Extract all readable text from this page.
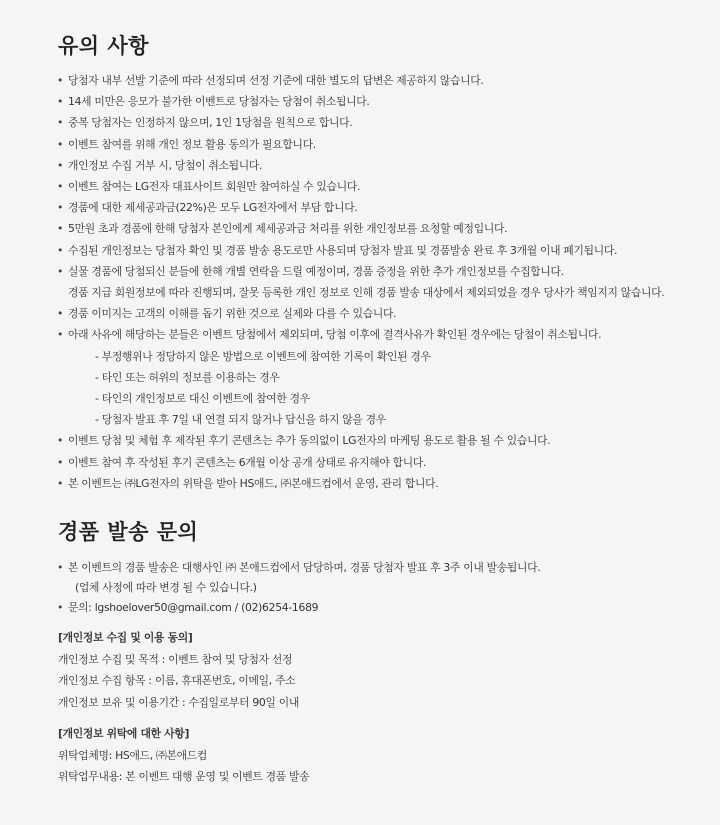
유의 사항
• 당첨자 내부 선발 기준에 따라 선정되며 선정 기준에 대한 별도의 답변은 제공하지 않습니다.
• 14세 미만은 응모가 불가한 이벤트로 당첨자는 당첨이 취소됩니다.
• 중복 당첨자는 인정하지 않으며, 1인 1당첨을 원칙으로 합니다.
• 이벤트 참여를 위해 개인 정보 활용 동의가 필요합니다.
• 개인정보 수집 거부 시, 당첨이 취소됩니다.
• 이벤트 참여는 LG전자 대표사이트 회원만 참여하실 수 있습니다.
• 경품에 대한 제세공과금(22%)은 모두 LG전자에서 부담 합니다.
• 5만원 초과 경품에 한해 당첨자 본인에게 제세공과금 처리를 위한 개인정보를 요청할 예정입니다.
• 수집된 개인정보는 당첨자 확인 및 경품 발송 용도로만 사용되며 당첨자 발표 및 경품발송 완료 후 3개월 이내 폐기됩니다.
• 실물 경품에 당첨되신 분들에 한해 개별 연락을 드릴 예정이며, 경품 증정을 위한 추가 개인정보를 수집합니다.
경품 지급 회원정보에 따라 진행되며, 잘못 등록한 개인 정보로 인해 경품 발송 대상에서 제외되었을 경우 당사가 책임지지 않습니다.
• 경품 이미지는 고객의 이해를 돕기 위한 것으로 실제와 다를 수 있습니다.
• 아래 사유에 해당하는 분들은 이벤트 당첨에서 제외되며, 당첨 이후에 결격사유가 확인된 경우에는 당첨이 취소됩니다.
- 부정행위나 정당하지 않은 방법으로 이벤트에 참여한 기록이 확인된 경우
- 타인 또는 허위의 정보를 이용하는 경우
- 타인의 개인정보로 대신 이벤트에 참여한 경우
- 당첨자 발표 후 7일 내 연결 되지 않거나 답신을 하지 않을 경우
• 이벤트 당첨 및 체험 후 제작된 후기 콘텐츠는 추가 동의없이 LG전자의 마케팅 용도로 활용 될 수 있습니다.
• 이벤트 참여 후 작성된 후기 콘텐츠는 6개월 이상 공개 상태로 유지해야 합니다.
• 본 이벤트는 ㈜LG전자의 위탁을 받아 HS애드, ㈜본애드컴에서 운영, 관리 합니다.
경품 발송 문의
• 본 이벤트의 경품 발송은 대행사인 ㈜ 본애드컴에서 담당하며, 경품 당첨자 발표 후 3주 이내 발송됩니다.
(업체 사정에 따라 변경 될 수 있습니다.)
• 문의: lgshoelover50@gmail.com / (02)6254-1689
[개인정보 수집 및 이용 동의]
개인정보 수집 및 목적 : 이벤트 참여 및 당첨자 선정
개인정보 수집 항목 : 이름, 휴대폰번호, 이메일, 주소
개인정보 보유 및 이용기간 : 수집일로부터 90일 이내
[개인정보 위탁에 대한 사항]
위탁업체명: HS애드, ㈜본애드컴
위탁업무내용: 본 이벤트 대행 운영 및 이벤트 경품 발송
